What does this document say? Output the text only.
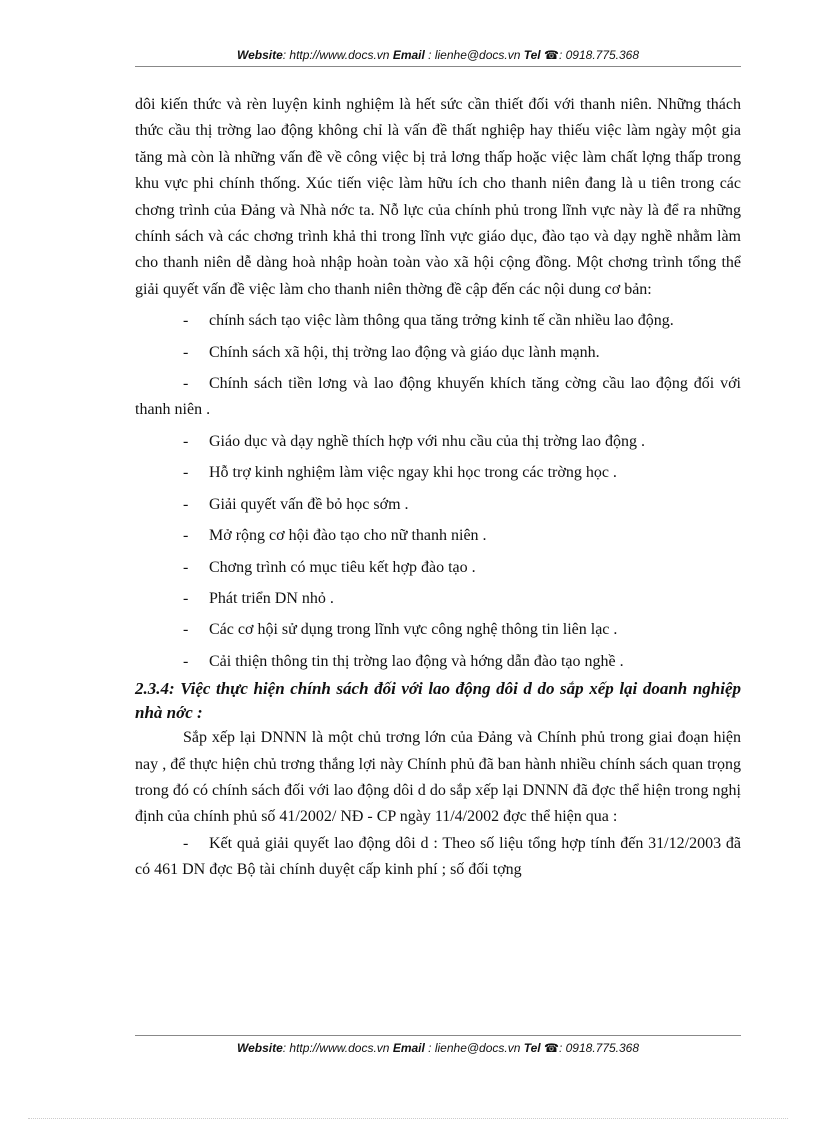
Website: http://www.docs.vn Email : lienhe@docs.vn Tel ☎: 0918.775.368

dôi kiến thức và rèn luyện kinh nghiệm là hết sức cần thiết đối với thanh niên. Những thách thức cầu thị trờng lao động không chỉ là vấn đề thất nghiệp hay thiếu việc làm ngày một gia tăng mà còn là những vấn đề về công việc bị trả lơng thấp hoặc việc làm chất lợng thấp trong khu vực phi chính thống. Xúc tiến việc làm hữu ích cho thanh niên đang là u tiên trong các chơng trình của Đảng và Nhà nớc ta. Nỗ lực của chính phủ trong lĩnh vực này là để ra những chính sách và các chơng trình khả thi trong lĩnh vực giáo dục, đào tạo và dạy nghề nhằm làm cho thanh niên dễ dàng hoà nhập hoàn toàn vào xã hội cộng đồng. Một chơng trình tổng thể giải quyết vấn đề việc làm cho thanh niên thờng đề cập đến các nội dung cơ bản:

- chính sách tạo việc làm thông qua tăng trởng kinh tế cần nhiều lao động.

- Chính sách xã hội, thị trờng lao động và giáo dục lành mạnh.

- Chính sách tiền lơng và lao động khuyến khích tăng cờng cầu lao động đối với thanh niên .

- Giáo dục và dạy nghề thích hợp với nhu cầu của thị trờng lao động .

- Hỗ trợ kinh nghiệm làm việc ngay khi học trong các trờng học .

- Giải quyết vấn đề bỏ học sớm .

- Mở rộng cơ hội đào tạo cho nữ thanh niên .

- Chơng trình có mục tiêu kết hợp đào tạo .

- Phát triển DN nhỏ .

- Các cơ hội sử dụng trong lĩnh vực công nghệ thông tin liên lạc .

- Cải thiện thông tin thị trờng lao động và hớng dẫn đào tạo nghề .

2.3.4: Việc thực hiện chính sách đối với lao động dôi d do sắp xếp lại doanh nghiệp nhà nớc :

Sắp xếp lại DNNN là một chủ trơng lớn của Đảng và Chính phủ trong giai đoạn hiện nay , để thực hiện chủ trơng thắng lợi này Chính phủ đã ban hành nhiều chính sách quan trọng trong đó có chính sách đối với lao động dôi d do sắp xếp lại DNNN đã đợc thể hiện trong nghị định của chính phủ số 41/2002/ NĐ - CP ngày 11/4/2002 đợc thể hiện qua :

- Kết quả giải quyết lao động dôi d : Theo số liệu tổng hợp tính đến 31/12/2003 đã có 461 DN đợc Bộ tài chính duyệt cấp kinh phí ; số đối tợng

Website: http://www.docs.vn Email : lienhe@docs.vn Tel ☎: 0918.775.368
